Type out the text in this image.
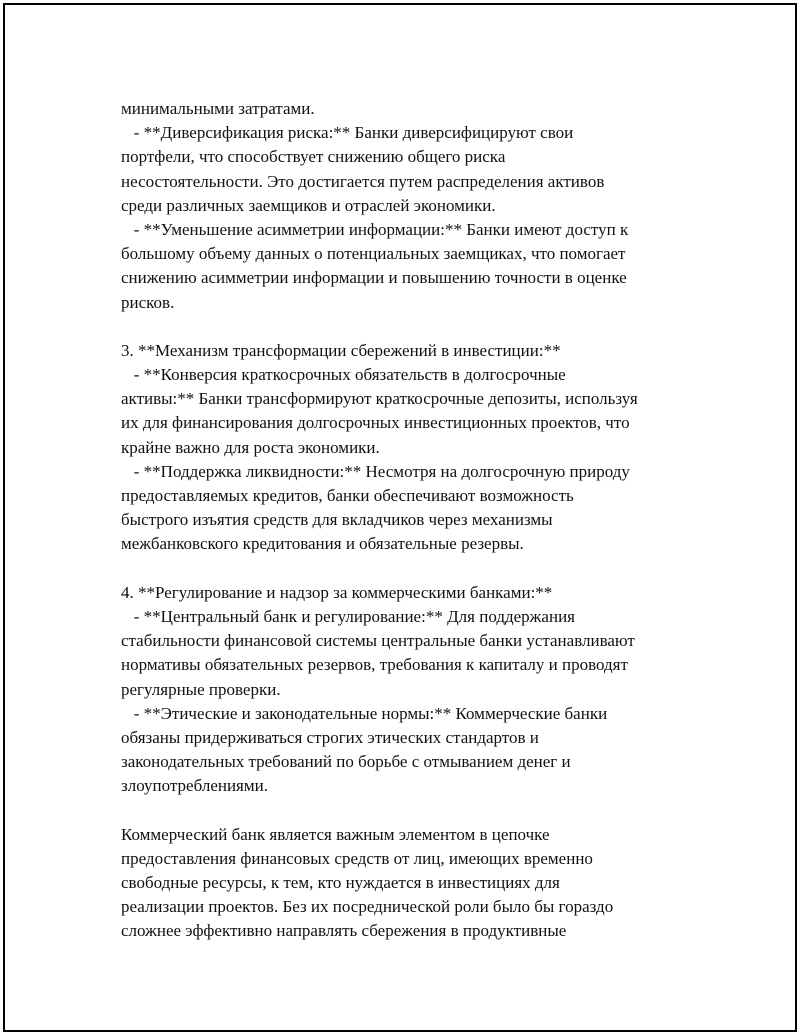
минимальными затратами.
- **Диверсификация риска:** Банки диверсифицируют свои
портфели, что способствует снижению общего риска
несостоятельности. Это достигается путем распределения активов
среди различных заемщиков и отраслей экономики.
- **Уменьшение асимметрии информации:** Банки имеют доступ к
большому объему данных о потенциальных заемщиках, что помогает
снижению асимметрии информации и повышению точности в оценке
рисков.
3. **Механизм трансформации сбережений в инвестиции:**
- **Конверсия краткосрочных обязательств в долгосрочные
активы:** Банки трансформируют краткосрочные депозиты, используя
их для финансирования долгосрочных инвестиционных проектов, что
крайне важно для роста экономики.
- **Поддержка ликвидности:** Несмотря на долгосрочную природу
предоставляемых кредитов, банки обеспечивают возможность
быстрого изъятия средств для вкладчиков через механизмы
межбанковского кредитования и обязательные резервы.
4. **Регулирование и надзор за коммерческими банками:**
- **Центральный банк и регулирование:** Для поддержания
стабильности финансовой системы центральные банки устанавливают
нормативы обязательных резервов, требования к капиталу и проводят
регулярные проверки.
- **Этические и законодательные нормы:** Коммерческие банки
обязаны придерживаться строгих этических стандартов и
законодательных требований по борьбе с отмыванием денег и
злоупотреблениями.
Коммерческий банк является важным элементом в цепочке
предоставления финансовых средств от лиц, имеющих временно
свободные ресурсы, к тем, кто нуждается в инвестициях для
реализации проектов. Без их посреднической роли было бы гораздо
сложнее эффективно направлять сбережения в продуктивные
